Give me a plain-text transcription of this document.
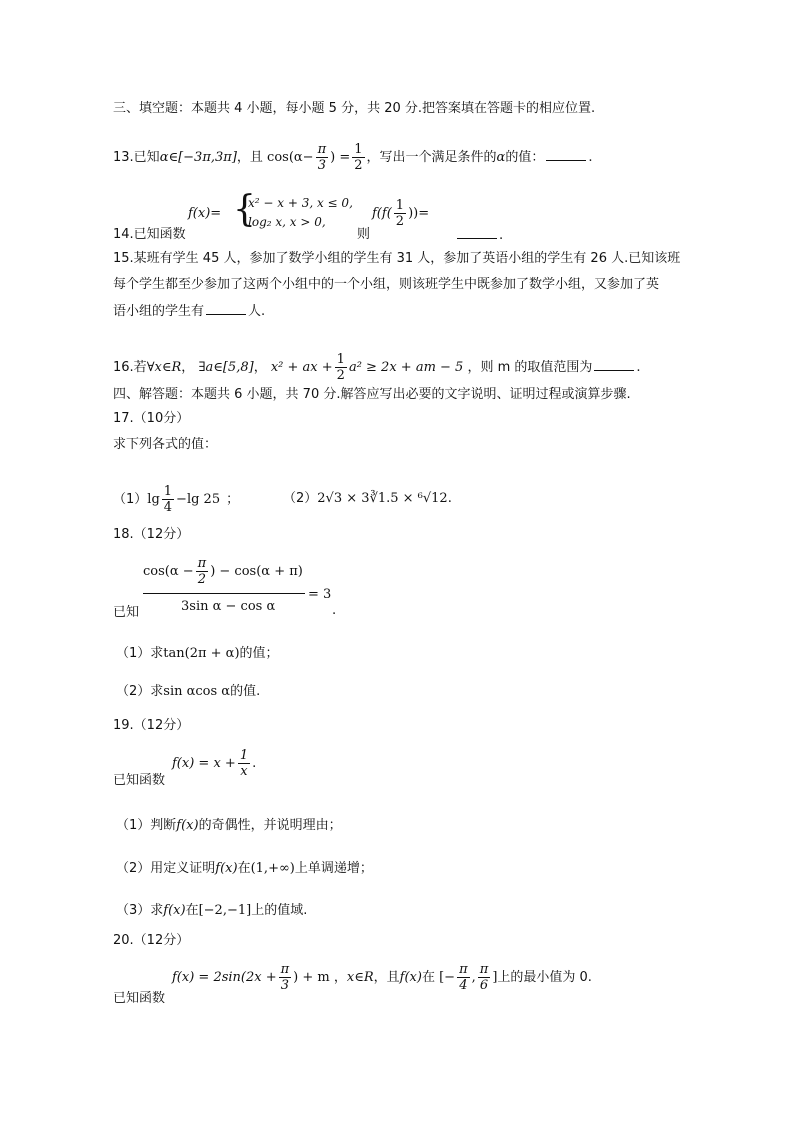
三、填空题：本题共 4 小题，每小题 5 分，共 20 分.把答案填在答题卡的相应位置.
13.已知α∈[−3π,3π]，且 $\cos(\alpha- \frac{\pi}{3}$ ) = $\frac{1}{2}$ ，写出一个满足条件的α的值：	.
14.已知函数
f(x)= {
x² − x + 3, x ≤ 0,
log₂ x, x > 0,
则
$f(f( \frac{1}{2}$ ))=
.
15.某班有学生 45 人，参加了数学小组的学生有 31 人，参加了英语小组的学生有 26 人.已知该班
每个学生都至少参加了这两个小组中的一个小组，则该班学生中既参加了数学小组，又参加了英
语小组的学生有	人.
16.若∀x∈R， ∃a∈[5,8]， x² + ax + $\frac{1}{2} a^2 \ge 2x$ + am − 5 ，则 m 的取值范围为	.
四、解答题：本题共 6 小题，共 70 分.解答应写出必要的文字说明、证明过程或演算步骤.
17.（10分）
求下列各式的值：
$(1)\lg \frac{1}{4} -\lg$ 25 ；	（2）2√3 × 3∛1.5 × ⁶√12.
18.（12分）
已知
$\cos(\alpha - \frac{\pi}{2}$ ) − cos(α + π)
3sin α − cos α
= 3
.
（1）求tan(2π + α)的值；
（2）求sin αcos α的值.
19.（12分）
已知函数
$f(x) = x + \frac{1}{x}$ .
（1）判断f(x)的奇偶性，并说明理由；
（2）用定义证明f(x)在(1,+∞)上单调递增；
（3）求f(x)在[−2,−1]上的值域.
20.（12分）
已知函数
$f(x) = 2\sin(2x + \frac{\pi}{3}$ ) + m ，x∈R，且f(x)在 [− $\frac{\pi}{4}$ , $\frac{\pi}{6}$ ]上的最小值为 0.
